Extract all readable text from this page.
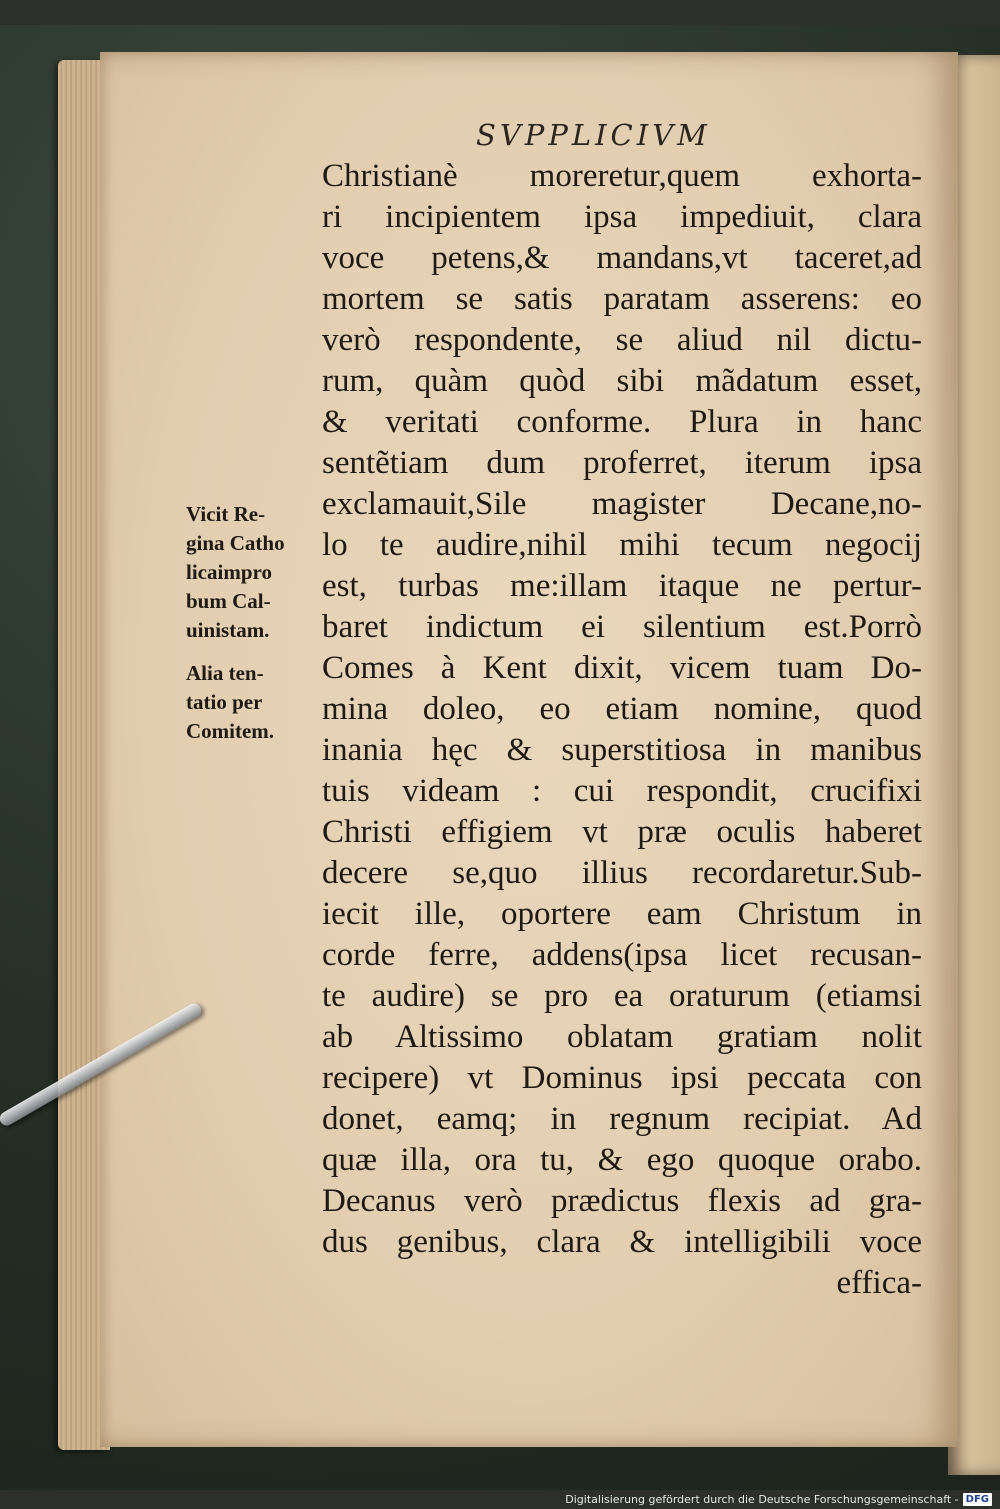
SVPPLICIVM
Christianè moreretur,quem exhorta-
ri incipientem ipsa impediuit, clara
voce petens,& mandans,vt taceret,ad
mortem se satis paratam asserens: eo
verò respondente, se aliud nil dictu-
rum, quàm quòd sibi mãdatum esset,
& veritati conforme. Plura in hanc
sentẽtiam dum proferret, iterum ipsa
exclamauit,Sile magister Decane,no-
lo te audire,nihil mihi tecum negocij
est, turbas me:illam itaque ne pertur-
baret indictum ei silentium est.Porrò
Comes à Kent dixit, vicem tuam Do-
mina doleo, eo etiam nomine, quod
inania hęc & superstitiosa in manibus
tuis videam : cui respondit, crucifixi
Christi effigiem vt præ oculis haberet
decere se,quo illius recordaretur.Sub-
iecit ille, oportere eam Christum in
corde ferre, addens(ipsa licet recusan-
te audire) se pro ea oraturum (etiamsi
ab Altissimo oblatam gratiam nolit
recipere) vt Dominus ipsi peccata con
donet, eamq; in regnum recipiat. Ad
quæ illa, ora tu, & ego quoque orabo.
Decanus verò prædictus flexis ad gra-
dus genibus, clara & intelligibili voce
effica-
Vicit Re-
gina Catho
licaimpro
bum Cal-
uinistam.
Alia ten-
tatio per
Comitem.
Digitalisierung gefördert durch die Deutsche Forschungsgemeinschaft - DFG
